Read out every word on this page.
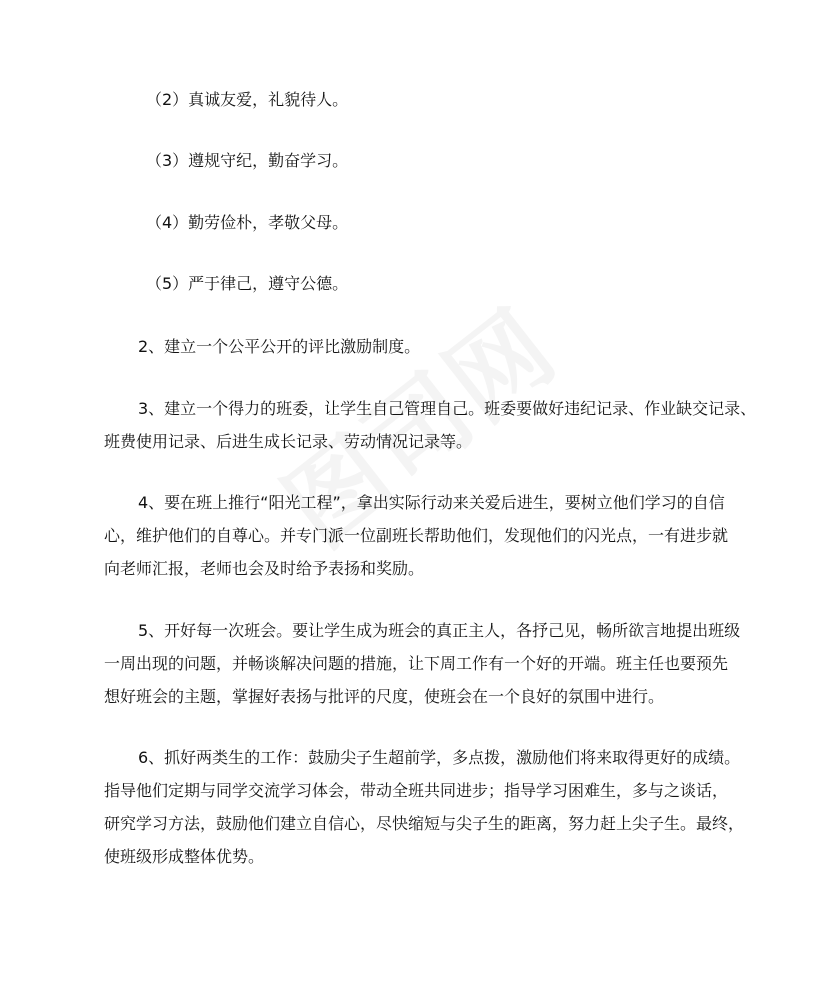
（2）真诚友爱，礼貌待人。
（3）遵规守纪，勤奋学习。
（4）勤劳俭朴，孝敬父母。
（5）严于律己，遵守公德。
2、建立一个公平公开的评比激励制度。
3、建立一个得力的班委，让学生自己管理自己。班委要做好违纪记录、作业缺交记录、
班费使用记录、后进生成长记录、劳动情况记录等。
4、要在班上推行“阳光工程”，拿出实际行动来关爱后进生，要树立他们学习的自信
心，维护他们的自尊心。并专门派一位副班长帮助他们，发现他们的闪光点，一有进步就
向老师汇报，老师也会及时给予表扬和奖励。
5、开好每一次班会。要让学生成为班会的真正主人，各抒己见，畅所欲言地提出班级
一周出现的问题，并畅谈解决问题的措施，让下周工作有一个好的开端。班主任也要预先
想好班会的主题，掌握好表扬与批评的尺度，使班会在一个良好的氛围中进行。
6、抓好两类生的工作：鼓励尖子生超前学，多点拨，激励他们将来取得更好的成绩。
指导他们定期与同学交流学习体会，带动全班共同进步；指导学习困难生，多与之谈话，
研究学习方法，鼓励他们建立自信心，尽快缩短与尖子生的距离，努力赶上尖子生。最终，
使班级形成整体优势。
